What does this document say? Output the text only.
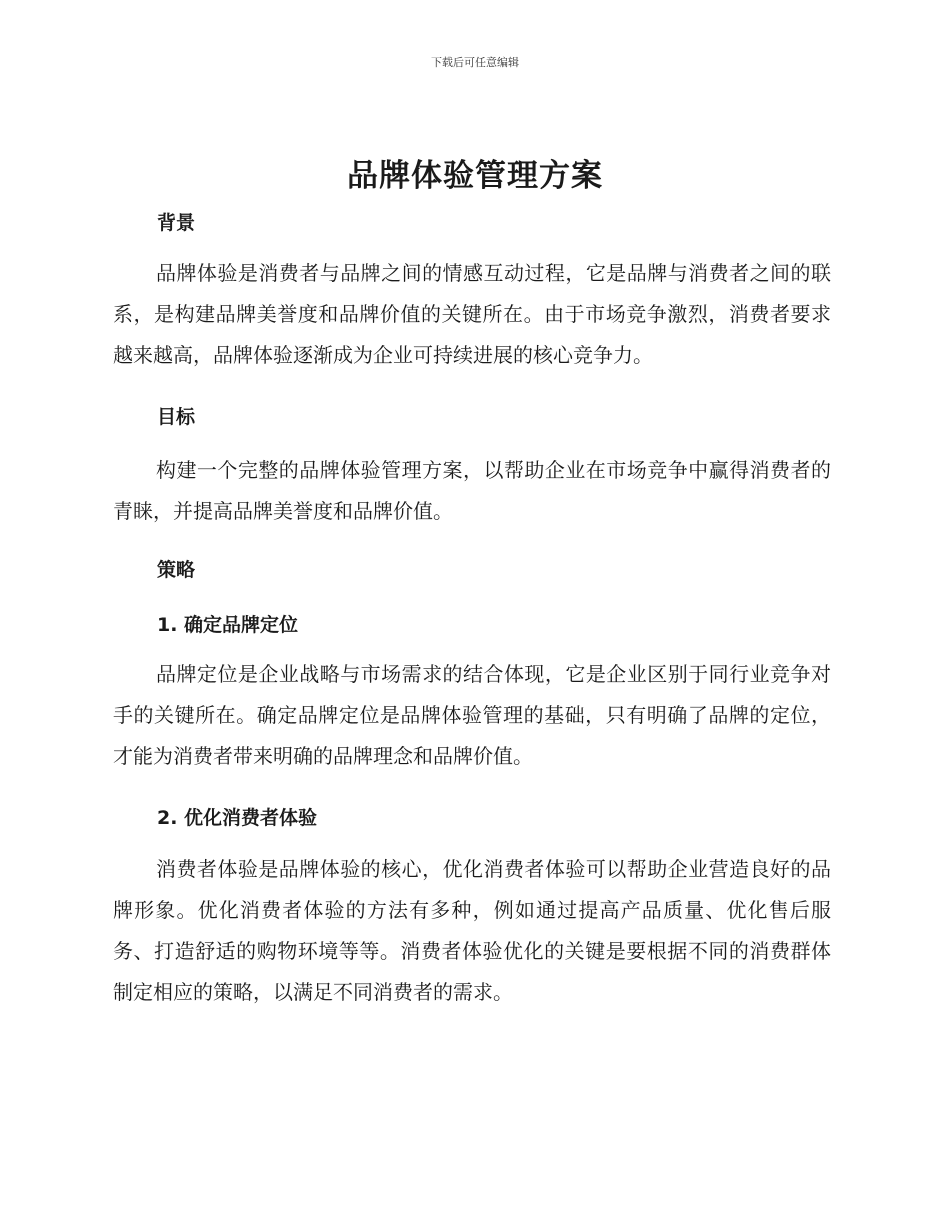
下载后可任意编辑
品牌体验管理方案
背景

品牌体验是消费者与品牌之间的情感互动过程，它是品牌与消费者之间的联系，是构建品牌美誉度和品牌价值的关键所在。由于市场竞争激烈，消费者要求越来越高，品牌体验逐渐成为企业可持续进展的核心竞争力。

目标

构建一个完整的品牌体验管理方案，以帮助企业在市场竞争中赢得消费者的青睐，并提高品牌美誉度和品牌价值。

策略
1. 确定品牌定位

品牌定位是企业战略与市场需求的结合体现，它是企业区别于同行业竞争对手的关键所在。确定品牌定位是品牌体验管理的基础，只有明确了品牌的定位，才能为消费者带来明确的品牌理念和品牌价值。

2. 优化消费者体验

消费者体验是品牌体验的核心，优化消费者体验可以帮助企业营造良好的品牌形象。优化消费者体验的方法有多种，例如通过提高产品质量、优化售后服务、打造舒适的购物环境等等。消费者体验优化的关键是要根据不同的消费群体制定相应的策略，以满足不同消费者的需求。
